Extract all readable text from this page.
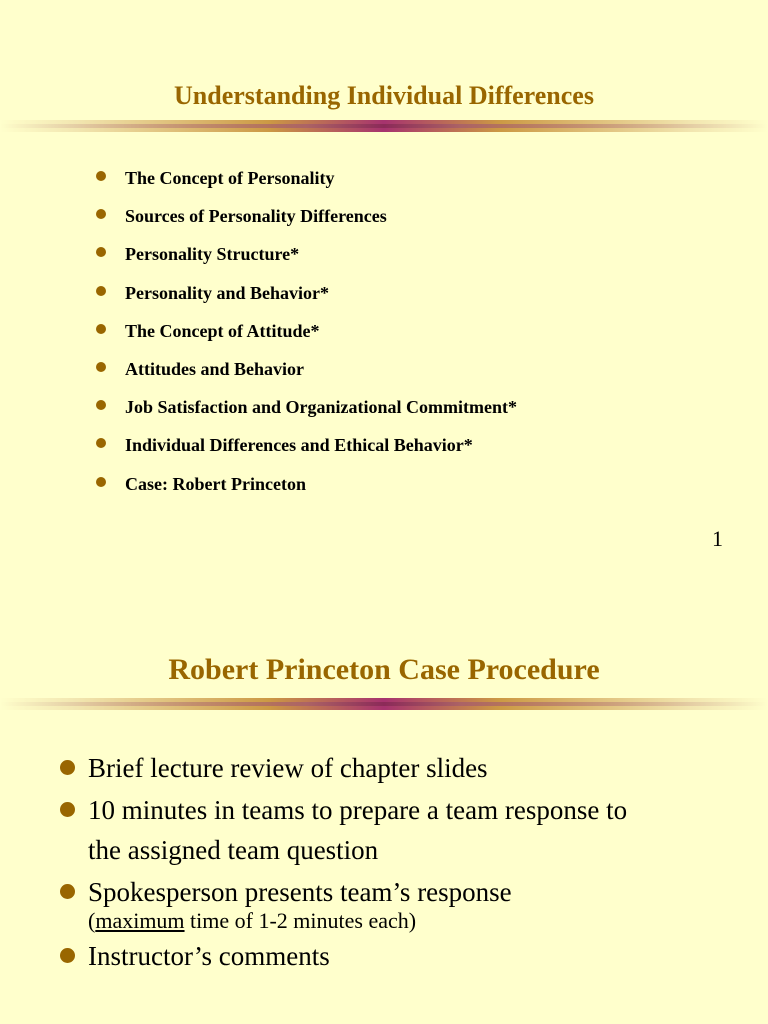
Understanding Individual Differences
The Concept of Personality
Sources of Personality Differences
Personality Structure*
Personality and Behavior*
The Concept of Attitude*
Attitudes and Behavior
Job Satisfaction and Organizational Commitment*
Individual Differences and Ethical Behavior*
Case: Robert Princeton
1
Robert Princeton Case Procedure
Brief lecture review of chapter slides
10 minutes in teams to prepare a team response to
the assigned team question
Spokesperson presents team’s response
(maximum time of 1-2 minutes each)
Instructor’s comments
